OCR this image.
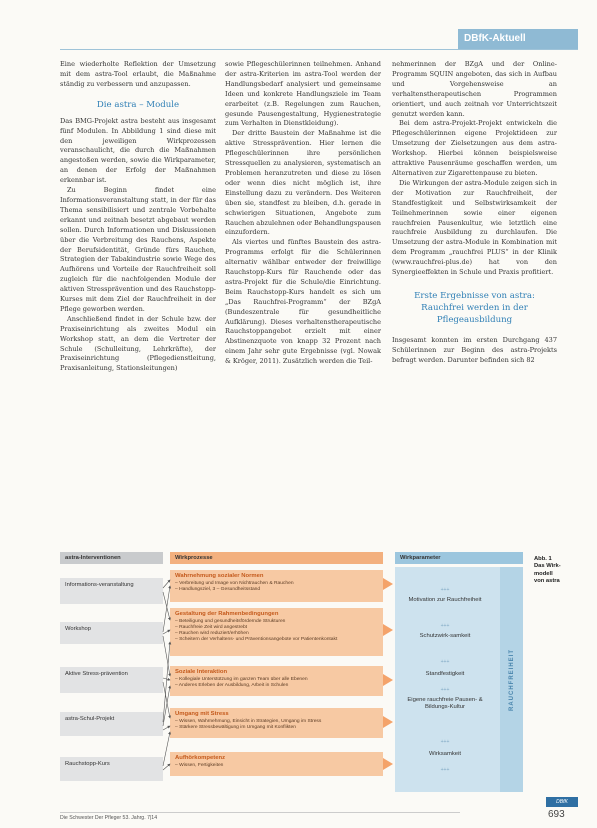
DBfK-Aktuell

Eine wiederholte Reflektion der Umsetzung mit dem astra-Tool erlaubt, die Maßnahme ständig zu verbessern und anzupassen.

Die astra – Module

Das BMG-Projekt astra besteht aus insgesamt fünf Modulen. In Abbildung 1 sind diese mit den jeweiligen Wirkprozessen veranschaulicht, die durch die Maßnahmen angestoßen werden, sowie die Wirkparameter, an denen der Erfolg der Maßnahmen erkennbar ist.

Zu Beginn findet eine Informationsveranstaltung statt, in der für das Thema sensibilisiert und zentrale Vorbehalte erkannt und zeitnah besetzt abgebaut werden sollen. Durch Informationen und Diskussionen über die Verbreitung des Rauchens, Aspekte der Berufsidentität, Gründe fürs Rauchen, Strategien der Tabakindustrie sowie Wege des Aufhörens und Vorteile der Rauchfreiheit soll zugleich für die nachfolgenden Module der aktiven Stressprävention und des Rauchstopp-Kurses mit dem Ziel der Rauchfreiheit in der Pflege geworben werden.

Anschließend findet in der Schule bzw. der Praxiseinrichtung als zweites Modul ein Workshop statt, an dem die Vertreter der Schule (Schulleitung, Lehrkräfte), der Praxiseinrichtung (Pflegedienstleitung, Praxisanleitung, Stationsleitungen)

sowie Pflegeschülerinnen teilnehmen. Anhand der astra-Kriterien im astra-Tool werden der Handlungsbedarf analysiert und gemeinsame Ideen und konkrete Handlungsziele im Team erarbeitet (z.B. Regelungen zum Rauchen, gesunde Pausengestaltung, Hygienestrategie zum Verhalten in Dienstkleidung).

Der dritte Baustein der Maßnahme ist die aktive Stressprävention. Hier lernen die Pflegeschülerinnen ihre persönlichen Stressquellen zu analysieren, systematisch an Problemen heranzutreten und diese zu lösen oder wenn dies nicht möglich ist, ihre Einstellung dazu zu verändern. Des Weiteren üben sie, standfest zu bleiben, d.h. gerade in schwierigen Situationen, Angebote zum Rauchen abzulehnen oder Behandlungspausen einzufordern.

Als viertes und fünftes Baustein des astra-Programms erfolgt für die Schülerinnen alternativ wählbar entweder der freiwillige Rauchstopp-Kurs für Rauchende oder das astra-Projekt für die Schule/die Einrichtung. Beim Rauchstopp-Kurs handelt es sich um „Das Rauchfrei-Programm“ der BZgA (Bundeszentrale für gesundheitliche Aufklärung). Dieses verhaltenstherapeutische Rauchstoppangebot erzielt mit einer Abstinenzquote von knapp 32 Prozent nach einem Jahr sehr gute Ergebnisse (vgl. Nowak & Kröger, 2011). Zusätzlich werden die Teil-

nehmerinnen der BZgA und der Online-Programm SQUIN angeboten, das sich in Aufbau und Vorgehensweise an verhaltenstherapeutischen Programmen orientiert, und auch zeitnah vor Unterrichtszeit genutzt werden kann.

Bei dem astra-Projekt-Projekt entwickeln die Pflegeschülerinnen eigene Projektideen zur Umsetzung der Zielsetzungen aus dem astra-Workshop. Hierbei können beispielsweise attraktive Pausenräume geschaffen werden, um Alternativen zur Zigarettenpause zu bieten.

Die Wirkungen der astra-Module zeigen sich in der Motivation zur Rauchfreiheit, der Standfestigkeit und Selbstwirksamkeit der Teilnehmerinnen sowie einer eigenen rauchfreien Pausenkultur, wie letztlich eine rauchfreie Ausbildung zu durchlaufen. Die Umsetzung der astra-Module in Kombination mit dem Programm „rauchfrei PLUS“ in der Klinik (www.rauchfrei-plus.de) hat von den Synergieeffekten in Schule und Praxis profitiert.

Erste Ergebnisse von astra: Rauchfrei werden in der Pflegeausbildung

Insgesamt konnten im ersten Durchgang 437 Schülerinnen zur Beginn des astra-Projekts befragt werden. Darunter befinden sich 82

astra-Interventionen	Wirkprozesse	Wirkparameter
Informations-veranstaltung
Workshop
Aktive Stress-prävention
astra-Schul-Projekt
Rauchstopp-Kurs
Wahrnehmung sozialer Normen
– Verbreitung und Image von Nichtrauchen & Rauchen
– Handlungsziel, 3 – Gesundheitsstand
Gestaltung der Rahmenbedingungen
– Beteiligung und gesundheitsfördernde Strukturen
– Rauchfreie Zeit wird angestrebt
– Rauchen wird reduziert/erhöhen
– Scheitern der Verhaltens- und Präventionsangebote vor Patientenkontakt
Soziale Interaktion
– Kollegiale Unterstützung im ganzen Team über alle Ebenen
– Anderes Erleben der Ausbildung, Arbeit in Schulen
Umgang mit Stress
– Wissen, Wahrnehmung, Einsicht in Strategien, Umgang im Stress
– Stärkere Stressbewältigung im Umgang mit Konflikten
Aufhörkompetenz
– Wissen, Fertigkeiten
+++
Motivation zur Rauchfreiheit
+++
Schutzwirk-samkeit
+++
Standfestigkeit
+++
Eigene rauchfreie Pausen- & Bildungs-Kultur
+++
Wirksamkeit
+++
RAUCHFREIHEIT
Abb. 1
Das Wirk-
modell
von astra
Die Schwester Der Pfleger 53. Jahrg. 7|14
DBfK
693
